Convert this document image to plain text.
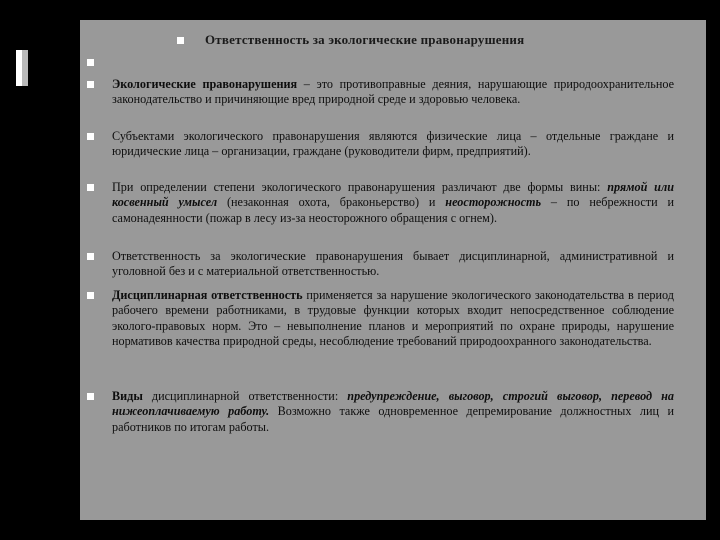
Ответственность за экологические правонарушения
Экологические правонарушения – это противоправные деяния, нарушающие природоохранительное законодательство и причиняющие вред природной среде и здоровью человека.
Субъектами экологического правонарушения являются физические лица – отдельные граждане и юридические лица – организации, граждане (руководители фирм, предприятий).
При определении степени экологического правонарушения различают две формы вины: прямой или косвенный умысел (незаконная охота, браконьерство) и неосторожность – по небрежности и самонадеянности (пожар в лесу из-за неосторожного обращения с огнем).
Ответственность за экологические правонарушения бывает дисциплинарной, административной и уголовной без и с материальной ответственностью.
Дисциплинарная ответственность применяется за нарушение экологического законодательства в период рабочего времени работниками, в трудовые функции которых входит непосредственное соблюдение эколого-правовых норм. Это – невыполнение планов и мероприятий по охране природы, нарушение нормативов качества природной среды, несоблюдение требований природоохранного законодательства.
Виды дисциплинарной ответственности: предупреждение, выговор, строгий выговор, перевод на нижеоплачиваемую работу. Возможно также одновременное депремирование должностных лиц и работников по итогам работы.
